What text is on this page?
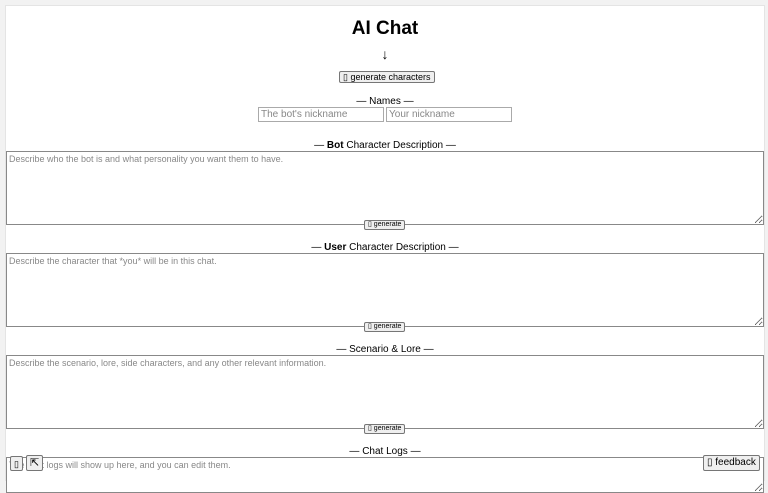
AI Chat
↓
▯ generate characters
— Names —
The bot's nickname
Your nickname
— Bot Character Description —
Describe who the bot is and what personality you want them to have.
▯ generate
— User Character Description —
Describe the character that *you* will be in this chat.
▯ generate
— Scenario & Lore —
Describe the scenario, lore, side characters, and any other relevant information.
▯ generate
— Chat Logs —
The chat logs will show up here, and you can edit them.
▯	⇱	▯ feedback
